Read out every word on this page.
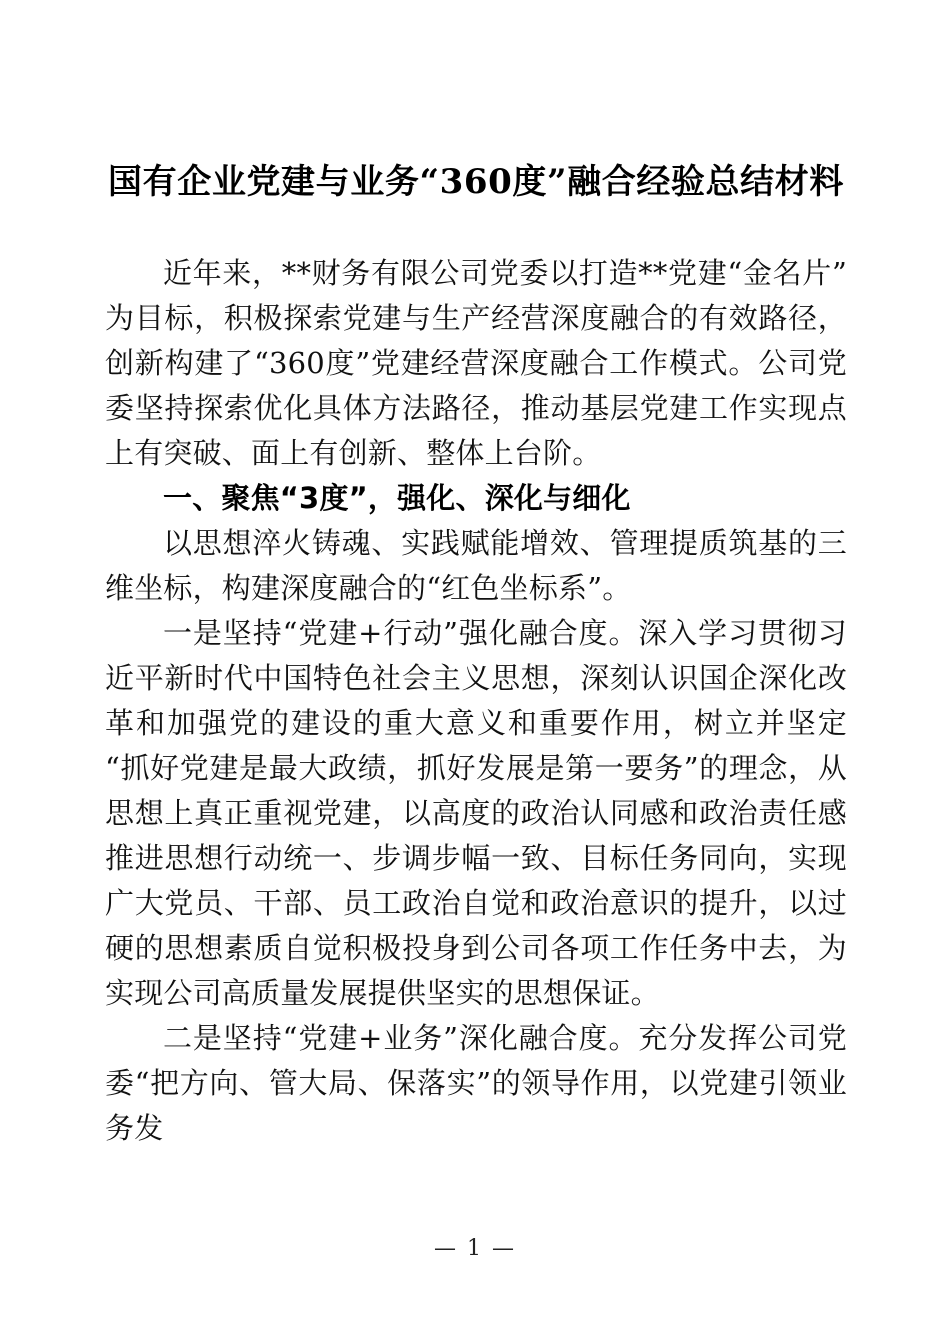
国有企业党建与业务“360度”融合经验总结材料

近年来，**财务有限公司党委以打造**党建“金名片”为目标，积极探索党建与生产经营深度融合的有效路径，创新构建了“360度”党建经营深度融合工作模式。公司党委坚持探索优化具体方法路径，推动基层党建工作实现点上有突破、面上有创新、整体上台阶。

一、聚焦“3度”，强化、深化与细化

以思想淬火铸魂、实践赋能增效、管理提质筑基的三维坐标，构建深度融合的“红色坐标系”。

一是坚持“党建+行动”强化融合度。深入学习贯彻习近平新时代中国特色社会主义思想，深刻认识国企深化改革和加强党的建设的重大意义和重要作用，树立并坚定“抓好党建是最大政绩，抓好发展是第一要务”的理念，从思想上真正重视党建，以高度的政治认同感和政治责任感推进思想行动统一、步调步幅一致、目标任务同向，实现广大党员、干部、员工政治自觉和政治意识的提升，以过硬的思想素质自觉积极投身到公司各项工作任务中去，为实现公司高质量发展提供坚实的思想保证。

二是坚持“党建+业务”深化融合度。充分发挥公司党委“把方向、管大局、保落实”的领导作用，以党建引领业务发

— 1 —
